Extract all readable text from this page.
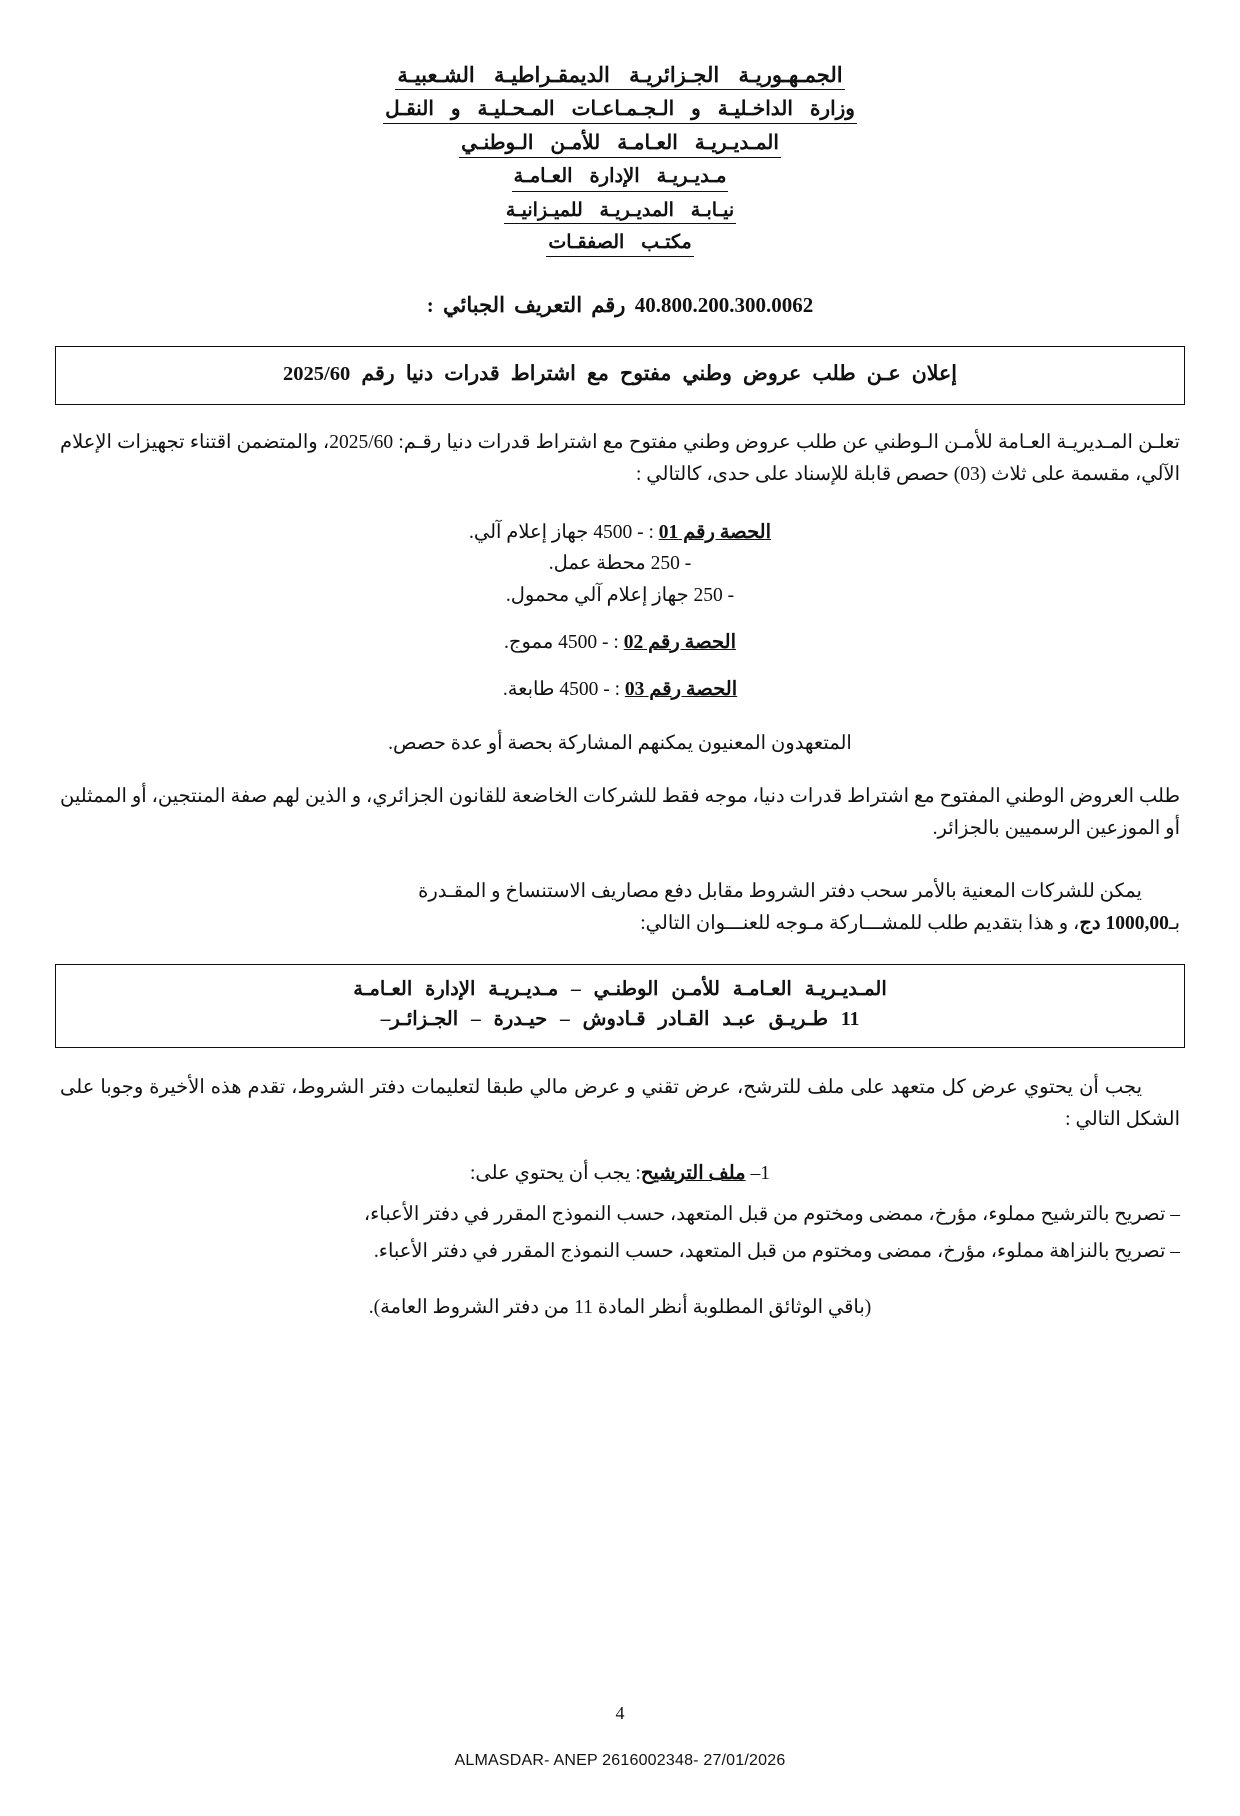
الجمـهـوريـة الجـزائريـة الديمقـراطيـة الشـعبيـة
وزارة الداخـليـة و الـجـمـاعـات المـحـليـة و النقـل
المـديـريـة العـامـة للأمـن الـوطنـي
مـديـريـة الإدارة العـامـة
نيـابـة المديـريـة للميـزانيـة
مكتـب الصفقـات
40.800.200.300.0062 رقم التعريف الجبائي :
إعلان عـن طلب عروض وطني مفتوح مع اشتراط قدرات دنيا رقم 2025/60
تعلـن المـديريـة العـامة للأمـن الـوطني عن طلب عروض وطني مفتوح مع اشتراط قدرات دنيا رقـم: 2025/60، والمتضمن اقتناء تجهيزات الإعلام الآلي، مقسمة على ثلاث (03) حصص قابلة للإسناد على حدى، كالتالي :
الحصة رقم 01 : - 4500 جهاز إعلام آلي.
- 250 محطة عمل.
- 250 جهاز إعلام آلي محمول.
الحصة رقم 02 : - 4500 مموج.
الحصة رقم 03 : - 4500 طابعة.
المتعهدون المعنيون يمكنهم المشاركة بحصة أو عدة حصص.
طلب العروض الوطني المفتوح مع اشتراط قدرات دنيا، موجه فقط للشركات الخاضعة للقانون الجزائري، و الذين لهم صفة المنتجين، أو الممثلين أو الموزعين الرسميين بالجزائر.
يمكن للشركات المعنية بالأمر سحب دفتر الشروط مقابل دفع مصاريف الاستنساخ و المقـدرة
بـ1000,00 دج، و هذا بتقديم طلب للمشـــاركة مـوجه للعنـــوان التالي:
المـديـريـة العـامـة للأمـن الوطنـي – مـديـريـة الإدارة العـامـة
11 طـريـق عبـد القـادر قـادوش – حيـدرة – الجـزائـر–
يجب أن يحتوي عرض كل متعهد على ملف للترشح، عرض تقني و عرض مالي طبقا لتعليمات دفتر الشروط، تقدم هذه الأخيرة وجوبا على الشكل التالي :
1– ملف الترشيح: يجب أن يحتوي على:
– تصريح بالترشيح مملوء، مؤرخ، ممضى ومختوم من قبل المتعهد، حسب النموذج المقرر في دفتر الأعباء،
– تصريح بالنزاهة مملوء، مؤرخ، ممضى ومختوم من قبل المتعهد، حسب النموذج المقرر في دفتر الأعباء.
(باقي الوثائق المطلوبة أنظر المادة 11 من دفتر الشروط العامة).
4
ALMASDAR- ANEP 2616002348- 27/01/2026
